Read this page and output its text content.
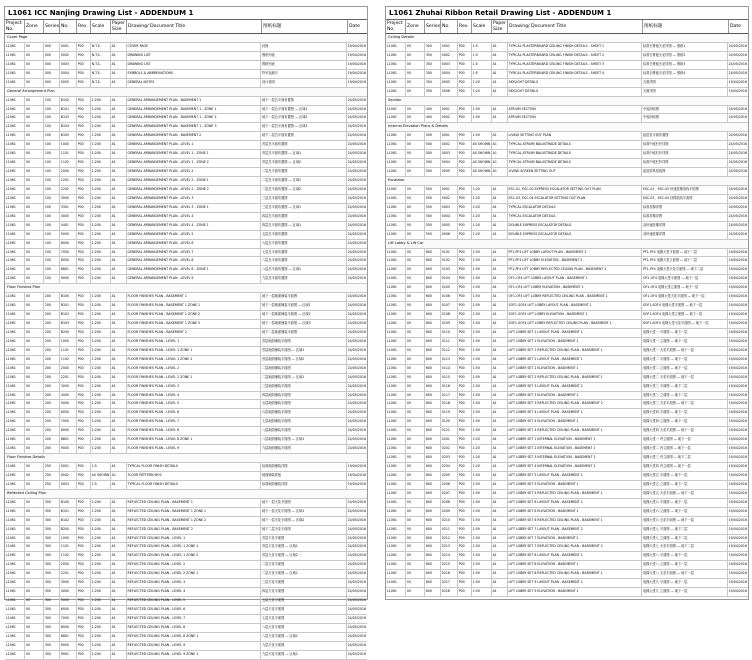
L1061 ICC Nanjing Drawing List - ADDENDUM 1
Project No.
Zone	Series No.	Rev. Scale
Paper Size
Drawing/ Document Title	图纸标题	Date
Cover Page
L1061	00	000	0001	P00	N.T.S.	A1	COVER PAGE	封面	19/04/2016
L1061	00	000	0002	P00	N.T.S.	A1	DRAWING LIST	图纸列表	19/04/2016
L1061	00	000	0003	P00	N.T.S.	A1	DRAWING LIST	图纸列表	19/04/2016
L1061	00	000	0004	P00	N.T.S.	A1	SYMBOLS & ABBREVIATIONS	符号及缩写	19/04/2016
L1061	00	000	0005	P00	N.T.S.	A1	GENERAL NOTES	设计说明	19/04/2016
General Arrangement Plan
L1061	00	100	B102	P00	1:200	A1	GENERAL ARRANGEMENT PLAN - BASEMENT 1	地下一层总平面布置图	24/05/2016
L1061	00	100	B101	P00	1:200	A1	GENERAL ARRANGEMENT PLAN - BASEMENT 1 - ZONE 1	地下一层总平面布置图 — 区域1	24/05/2016
L1061	00	100	B103	P00	1:200	A1	GENERAL ARRANGEMENT PLAN - BASEMENT 1 - ZONE 2	地下一层总平面布置图 — 区域2	24/05/2016
L1061	00	100	B104	P00	1:200	A1	GENERAL ARRANGEMENT PLAN - BASEMENT 1 - ZONE 3	地下一层总平面布置图 — 区域3	24/05/2016
L1061	00	100	B105	P00	1:200	A1	GENERAL ARRANGEMENT PLAN - BASEMENT 2	地下二层总平面布置图	24/05/2016
L1061	00	100	1000	P00	1:200	A1	GENERAL ARRANGEMENT PLAN - LEVEL 1	首层总平面布置图	24/05/2016
L1061	00	100	1101	P00	1:200	A1	GENERAL ARRANGEMENT PLAN - LEVEL 1 - ZONE 1	首层总平面布置图 — 区域1	24/05/2016
L1061	00	100	1102	P00	1:200	A1	GENERAL ARRANGEMENT PLAN - LEVEL 1 - ZONE 2	首层总平面布置图 — 区域2	24/05/2016
L1061	00	100	2000	P00	1:200	A1	GENERAL ARRANGEMENT PLAN - LEVEL 2	二层总平面布置图	24/05/2016
L1061	00	100	2201	P00	1:200	A1	GENERAL ARRANGEMENT PLAN - LEVEL 2 - ZONE 1	二层总平面布置图 — 区域1	24/05/2016
L1061	00	100	2202	P00	1:200	A1	GENERAL ARRANGEMENT PLAN - LEVEL 2 - ZONE 2	二层总平面布置图 — 区域2	24/05/2016
L1061	00	100	3000	P00	1:200	A1	GENERAL ARRANGEMENT PLAN - LEVEL 3	三层总平面布置图	24/05/2016
L1061	00	100	3301	P00	1:200	A1	GENERAL ARRANGEMENT PLAN - LEVEL 3 - ZONE 1	三层总平面布置图 — 区域1	24/05/2016
L1061	00	100	4000	P00	1:200	A1	GENERAL ARRANGEMENT PLAN - LEVEL 4	四层总平面布置图	24/05/2016
L1061	00	100	4401	P00	1:200	A1	GENERAL ARRANGEMENT PLAN - LEVEL 4 - ZONE 1	四层总平面布置图 — 区域1	24/05/2016
L1061	00	100	5000	P00	1:200	A1	GENERAL ARRANGEMENT PLAN - LEVEL 5	五层总平面布置图	24/05/2016
L1061	00	100	6000	P00	1:200	A1	GENERAL ARRANGEMENT PLAN - LEVEL 6	六层总平面布置图	24/05/2016
L1061	00	100	7000	P00	1:200	A1	GENERAL ARRANGEMENT PLAN - LEVEL 7	七层总平面布置图	24/05/2016
L1061	00	100	8000	P00	1:200	A1	GENERAL ARRANGEMENT PLAN - LEVEL 8	八层总平面布置图	24/05/2016
L1061	00	100	8801	P00	1:200	A1	GENERAL ARRANGEMENT PLAN - LEVEL 8 - ZONE 1	八层总平面布置图 — 区域1	24/05/2016
L1061	00	100	9000	P00	1:200	A1	GENERAL ARRANGEMENT PLAN - LEVEL 9	九层总平面布置图	24/05/2016
Floor Finishes Plan
L1061	00	200	B100	P00	1:200	A1	FLOOR FINISHES PLAN - BASEMENT 1	地下一层地面铺装平面图	24/05/2016
L1061	00	200	B101	P00	1:200	A1	FLOOR FINISHES PLAN - BASEMENT 1 ZONE 1	地下一层地面铺装平面图 — 区域1	24/05/2016
L1061	00	200	B102	P00	1:200	A1	FLOOR FINISHES PLAN - BASEMENT 1 ZONE 2	地下一层地面铺装平面图 — 区域2	24/05/2016
L1061	00	200	B103	P00	1:200	A1	FLOOR FINISHES PLAN - BASEMENT 1 ZONE 3	地下一层地面铺装平面图 — 区域3	24/05/2016
L1061	00	200	B200	P00	1:200	A1	FLOOR FINISHES PLAN - BASEMENT 2	地下二层地面铺装平面图	24/05/2016
L1061	00	200	1000	P00	1:200	A1	FLOOR FINISHES PLAN - LEVEL 1	首层地面铺装平面图	24/05/2016
L1061	00	200	1101	P00	1:200	A1	FLOOR FINISHES PLAN - LEVEL 1 ZONE 1	首层地面铺装平面图 — 区域1	24/05/2016
L1061	00	200	1102	P00	1:200	A1	FLOOR FINISHES PLAN - LEVEL 1 ZONE 2	首层地面铺装平面图 — 区域2	24/05/2016
L1061	00	200	2000	P00	1:200	A1	FLOOR FINISHES PLAN - LEVEL 2	二层地面铺装平面图	24/05/2016
L1061	00	200	2201	P00	1:200	A1	FLOOR FINISHES PLAN - LEVEL 2 ZONE 1	二层地面铺装平面图 — 区域1	24/05/2016
L1061	00	200	3000	P00	1:200	A1	FLOOR FINISHES PLAN - LEVEL 3	三层地面铺装平面图	24/05/2016
L1061	00	200	4000	P00	1:200	A1	FLOOR FINISHES PLAN - LEVEL 4	四层地面铺装平面图	24/05/2016
L1061	00	200	5000	P00	1:200	A1	FLOOR FINISHES PLAN - LEVEL 5	五层地面铺装平面图	24/05/2016
L1061	00	200	6000	P00	1:200	A1	FLOOR FINISHES PLAN - LEVEL 6	六层地面铺装平面图	24/05/2016
L1061	00	200	7000	P00	1:200	A1	FLOOR FINISHES PLAN - LEVEL 7	七层地面铺装平面图	24/05/2016
L1061	00	200	8000	P00	1:200	A1	FLOOR FINISHES PLAN - LEVEL 8	八层地面铺装平面图	24/05/2016
L1061	00	200	8801	P00	1:200	A1	FLOOR FINISHES PLAN - LEVEL 8 ZONE 1	八层地面铺装平面图 — 区域1	24/05/2016
L1061	00	200	9000	P00	1:200	A1	FLOOR FINISHES PLAN - LEVEL 9	九层地面铺装平面图	24/05/2016
Floor Finishes Details
L1061	00	250	0001	P00	1:5	A1	TYPICAL FLOOR FINISH DETAILS	标准地面铺装详图	19/04/2016
L1061	00	250	0002	P00	AS SHOWN A1	FLOOR PATTERN MOC	地面铺装样板	19/04/2016
L1061	00	250	0003	P00	1:5	A1	TYPICAL FLOOR FINISH DETAILS	标准地面铺装详图	19/04/2016
Reflected Ceiling Plan
L1061	00	300	B100	P00	1:200	A1	REFLECTED CEILING PLAN - BASEMENT 1	地下一层天花平面图	24/05/2016
L1061	00	300	B101	P00	1:200	A1	REFLECTED CEILING PLAN - BASEMENT 1 ZONE 1	地下一层天花平面图 — 区域1	24/05/2016
L1061	00	300	B102	P00	1:200	A1	REFLECTED CEILING PLAN - BASEMENT 1 ZONE 2	地下一层天花平面图 — 区域2	24/05/2016
L1061	00	300	B200	P00	1:200	A1	REFLECTED CEILING PLAN - BASEMENT 2	地下二层天花平面图	24/05/2016
L1061	00	300	1000	P00	1:200	A1	REFLECTED CEILING PLAN - LEVEL 1	首层天花平面图	24/05/2016
L1061	00	300	1101	P00	1:200	A1	REFLECTED CEILING PLAN - LEVEL 1 ZONE 1	首层天花平面图 — 区域1	24/05/2016
L1061	00	300	1102	P00	1:200	A1	REFLECTED CEILING PLAN - LEVEL 1 ZONE 2	首层天花平面图 — 区域2	24/05/2016
L1061	00	300	2000	P00	1:200	A1	REFLECTED CEILING PLAN - LEVEL 2	二层天花平面图	24/05/2016
L1061	00	300	2201	P00	1:200	A1	REFLECTED CEILING PLAN - LEVEL 2 ZONE 1	二层天花平面图 — 区域1	24/05/2016
L1061	00	300	3000	P00	1:200	A1	REFLECTED CEILING PLAN - LEVEL 3	三层天花平面图	24/05/2016
L1061	00	300	4000	P00	1:200	A1	REFLECTED CEILING PLAN - LEVEL 4	四层天花平面图	24/05/2016
L1061	00	300	5000	P00	1:200	A1	REFLECTED CEILING PLAN - LEVEL 5	五层天花平面图	24/05/2016
L1061	00	300	6000	P00	1:200	A1	REFLECTED CEILING PLAN - LEVEL 6	六层天花平面图	24/05/2016
L1061	00	300	7000	P00	1:200	A1	REFLECTED CEILING PLAN - LEVEL 7	七层天花平面图	24/05/2016
L1061	00	300	8000	P00	1:200	A1	REFLECTED CEILING PLAN - LEVEL 8	八层天花平面图	24/05/2016
L1061	00	300	8801	P00	1:200	A1	REFLECTED CEILING PLAN - LEVEL 8 ZONE 1	八层天花平面图 — 区域1	24/05/2016
L1061	00	300	9000	P00	1:200	A1	REFLECTED CEILING PLAN - LEVEL 9	九层天花平面图	24/05/2016
L1061	00	300	9901	P00	1:200	A1	REFLECTED CEILING PLAN - LEVEL 9 ZONE 1	九层天花平面图 — 区域1	24/05/2016
L1061 Zhuhai Ribbon Retail Drawing List - ADDENDUM 1
Project No.
Zone	Series No.	Rev. Scale
Paper Size
Drawing/ Document Title	图纸标题	Date
Ceiling Details
L1061	00	350	0001	P00	1:5	A1	TYPICAL PLASTERBOARD CEILING FINISH DETAILS - SHEET 1	标准石膏板天花详图 — 图纸1	24/05/2016
L1061	00	350	0002	P00	1:5	A1	TYPICAL PLASTERBOARD CEILING FINISH DETAILS - SHEET 2	标准石膏板天花详图 — 图纸2	24/05/2016
L1061	00	350	0003	P00	1:5	A1	TYPICAL PLASTERBOARD CEILING FINISH DETAILS - SHEET 3	标准石膏板天花详图 — 图纸3	24/05/2016
L1061	00	350	0004	P00	1:5	A1	TYPICAL PLASTERBOARD CEILING FINISH DETAILS - SHEET 4	标准石膏板天花详图 — 图纸4	24/05/2016
L1061	00	350	0005	P00	1:20	A1	SKYLIGHT DETAILS	天窗详图	19/04/2016
L1061	00	350	0006	P00	1:20	A1	SKYLIGHT DETAILS	天窗详图	19/04/2016
Section
L1061	00	400	0001	P00	1:50	A1	ATRIUM SECTION	中庭剖面图	24/05/2016
L1061	00	400	0002	P00	1:50	A1	ATRIUM SECTION	中庭剖面图	24/05/2016
Internal Elevation Plans & Details
L1061	00	500	0001	P00	1:50	A1	LIVING SETTING OUT PLAN	起居室平面布置图	24/05/2016
L1061	00	500	0002	P00	AS SHOWN A1	TYPICAL ATRIUM BALUSTRADE DETAILS	标准中庭栏杆详图	24/05/2016
L1061	00	500	0003	P00	AS SHOWN A1	TYPICAL ATRIUM BALUSTRADE DETAILS	标准中庭栏杆详图	24/05/2016
L1061	00	500	0004	P00	AS SHOWN A1	TYPICAL ATRIUM BALUSTRADE DETAILS	标准中庭栏杆详图	24/05/2016
L1061	00	500	0005	P00	AS SHOWN A1	LIVING SCREEN SETTING OUT	起居屏风放线图	24/05/2016
Escalator
L1061	00	550	0001	P00	1:20	A1	ESC-01, ESC-02 EXPRESS ESCALATOR SETTING OUT PLAN	ESC-01、ESC-02 快速扶梯放线平面图	24/05/2016
L1061	00	550	0002	P00	1:20	A1	ESC-03, ESC-04 ESCALATOR SETTING OUT PLAN	ESC-03、ESC-04 扶梯放线平面图	24/05/2016
L1061	00	550	0003	P00	1:20	A1	TYPICAL ESCALATOR DETAILS	标准扶梯详图	24/05/2016
L1061	00	550	0004	P00	1:20	A1	TYPICAL ESCALATOR DETAILS	标准扶梯详图	24/05/2016
L1061	00	550	0005	P00	1:20	A1	DOUBLE EXPRESS ESCALATOR DETAILS	双快速扶梯详图	24/05/2016
L1061	00	550	0006	P00	1:20	A1	DOUBLE EXPRESS ESCALATOR DETAILS	双快速扶梯详图	24/05/2016
Lift Lobby & Lift Car
L1061	00	600	0101	P00	1:50	A1	PF1-PF4 LIFT LOBBY LAYOUT PLAN - BASEMENT 2	PF1-PF4 电梯大堂平面图 — 地下二层	19/04/2016
L1061	00	600	0102	P00	1:50	A1	PF1-PF4 LIFT LOBBY ELEVATION - BASEMENT 2	PF1-PF4 电梯大堂立面图 — 地下二层	19/04/2016
L1061	00	600	0103	P00	1:50	A1	PF1-PF4 LIFT LOBBY REFLECTED CEILING PLAN - BASEMENT 2	PF1-PF4 电梯大堂天花平面图 — 地下二层	19/04/2016
L1061	00	600	0104	P00	1:50	A1	OF1-OF4 LIFT LOBBY LAYOUT PLAN - BASEMENT 1	OF1-OF4 电梯大堂平面图 — 地下一层	19/04/2016
L1061	00	600	0105	P00	1:50	A1	OF1-OF4 LIFT LOBBY ELEVATION - BASEMENT 1	OF1-OF4 电梯大堂立面图 — 地下一层	19/04/2016
L1061	00	600	0106	P00	1:50	A1	OF1-OF4 LIFT LOBBY REFLECTED CEILING PLAN - BASEMENT 1	OF1-OF4 电梯大堂天花平面图 — 地下一层	19/04/2016
L1061	00	600	0107	P00	1:50	A1	SOF1-SOF4 LIFT LOBBY LAYOUT PLAN - BASEMENT 1	SOF1-SOF4 电梯大堂平面图 — 地下一层	19/04/2016
L1061	00	600	0108	P00	1:50	A1	SOF1-SOF4 LIFT LOBBY ELEVATION - BASEMENT 1	SOF1-SOF4 电梯大堂立面图 — 地下一层	19/04/2016
L1061	00	600	0109	P00	1:50	A1	SOF1-SOF4 LIFT LOBBY REFLECTED CEILING PLAN - BASEMENT 1	SOF1-SOF4 电梯大堂天花平面图 — 地下一层	19/04/2016
L1061	00	600	0110	P00	1:50	A1	LIFT LOBBY SET 1 LAYOUT PLAN - BASEMENT 1	电梯大堂一 平面图 — 地下一层	19/04/2016
L1061	00	600	0111	P00	1:50	A1	LIFT LOBBY SET 1 ELEVATION - BASEMENT 1	电梯大堂一 立面图 — 地下一层	19/04/2016
L1061	00	600	0112	P00	1:50	A1	LIFT LOBBY SET 1 REFLECTED CEILING PLAN - BASEMENT 1	电梯大堂一 天花平面图 — 地下一层	19/04/2016
L1061	00	600	0113	P00	1:50	A1	LIFT LOBBY SET 2 LAYOUT PLAN - BASEMENT 1	电梯大堂二 平面图 — 地下一层	19/04/2016
L1061	00	600	0114	P00	1:50	A1	LIFT LOBBY SET 2 ELEVATION - BASEMENT 1	电梯大堂二 立面图 — 地下一层	19/04/2016
L1061	00	600	0115	P00	1:50	A1	LIFT LOBBY SET 2 REFLECTED CEILING PLAN - BASEMENT 1	电梯大堂二 天花平面图 — 地下一层	19/04/2016
L1061	00	600	0116	P00	1:50	A1	LIFT LOBBY SET 3 LAYOUT PLAN - BASEMENT 2	电梯大堂三 平面图 — 地下二层	19/04/2016
L1061	00	600	0117	P00	1:50	A1	LIFT LOBBY SET 3 ELEVATION - BASEMENT 2	电梯大堂三 立面图 — 地下二层	19/04/2016
L1061	00	600	0118	P00	1:50	A1	LIFT LOBBY SET 3 REFLECTED CEILING PLAN - BASEMENT 2	电梯大堂三 天花平面图 — 地下二层	19/04/2016
L1061	00	600	0119	P00	1:50	A1	LIFT LOBBY SET 4 LAYOUT PLAN - BASEMENT 1	电梯大堂四 平面图 — 地下一层	19/04/2016
L1061	00	600	0120	P00	1:50	A1	LIFT LOBBY SET 4 ELEVATION - BASEMENT 1	电梯大堂四 立面图 — 地下一层	19/04/2016
L1061	00	600	0121	P00	1:50	A1	LIFT LOBBY SET 4 REFLECTED CEILING PLAN - BASEMENT 1	电梯大堂四 天花平面图 — 地下一层	19/04/2016
L1061	00	600	0201	P00	1:20	A1	LIFT LOBBY SET 1 INTERNAL ELEVATION - BASEMENT 1	电梯大堂一 内立面图 — 地下一层	19/04/2016
L1061	00	600	0202	P00	1:20	A1	LIFT LOBBY SET 2 INTERNAL ELEVATION - BASEMENT 1	电梯大堂二 内立面图 — 地下一层	19/04/2016
L1061	00	600	0203	P00	1:20	A1	LIFT LOBBY SET 3 INTERNAL ELEVATION - BASEMENT 2	电梯大堂三 内立面图 — 地下二层	19/04/2016
L1061	00	600	0204	P00	1:20	A1	LIFT LOBBY SET 4 INTERNAL ELEVATION - BASEMENT 1	电梯大堂四 内立面图 — 地下一层	19/04/2016
L1061	00	600	0205	P00	1:50	A1	LIFT LOBBY SET 5 LAYOUT PLAN - BASEMENT 1	电梯大堂五 平面图 — 地下一层	19/04/2016
L1061	00	600	0206	P00	1:50	A1	LIFT LOBBY SET 5 ELEVATION - BASEMENT 1	电梯大堂五 立面图 — 地下一层	19/04/2016
L1061	00	600	0207	P00	1:50	A1	LIFT LOBBY SET 5 REFLECTED CEILING PLAN - BASEMENT 1	电梯大堂五 天花平面图 — 地下一层	19/04/2016
L1061	00	600	0208	P00	1:50	A1	LIFT LOBBY SET 6 LAYOUT PLAN - BASEMENT 1	电梯大堂六 平面图 — 地下一层	19/04/2016
L1061	00	600	0209	P00	1:50	A1	LIFT LOBBY SET 6 ELEVATION - BASEMENT 1	电梯大堂六 立面图 — 地下一层	19/04/2016
L1061	00	600	0210	P00	1:50	A1	LIFT LOBBY SET 6 REFLECTED CEILING PLAN - BASEMENT 1	电梯大堂六 天花平面图 — 地下一层	19/04/2016
L1061	00	600	0211	P00	1:50	A1	LIFT LOBBY SET 7 LAYOUT PLAN - BASEMENT 2	电梯大堂七 平面图 — 地下二层	19/04/2016
L1061	00	600	0212	P00	1:50	A1	LIFT LOBBY SET 7 ELEVATION - BASEMENT 2	电梯大堂七 立面图 — 地下二层	19/04/2016
L1061	00	600	0213	P00	1:50	A1	LIFT LOBBY SET 7 REFLECTED CEILING PLAN - BASEMENT 2	电梯大堂七 天花平面图 — 地下二层	19/04/2016
L1061	00	600	0214	P00	1:50	A1	LIFT LOBBY SET 8 LAYOUT PLAN - BASEMENT 1	电梯大堂八 平面图 — 地下一层	19/04/2016
L1061	00	600	0215	P00	1:50	A1	LIFT LOBBY SET 8 ELEVATION - BASEMENT 1	电梯大堂八 立面图 — 地下一层	19/04/2016
L1061	00	600	0216	P00	1:50	A1	LIFT LOBBY SET 8 REFLECTED CEILING PLAN - BASEMENT 1	电梯大堂八 天花平面图 — 地下一层	19/04/2016
L1061	00	600	0217	P00	1:50	A1	LIFT LOBBY SET 9 LAYOUT PLAN - BASEMENT 1	电梯大堂九 平面图 — 地下一层	19/04/2016
L1061	00	600	0218	P00	1:50	A1	LIFT LOBBY SET 9 ELEVATION - BASEMENT 1	电梯大堂九 立面图 — 地下一层	19/04/2016
